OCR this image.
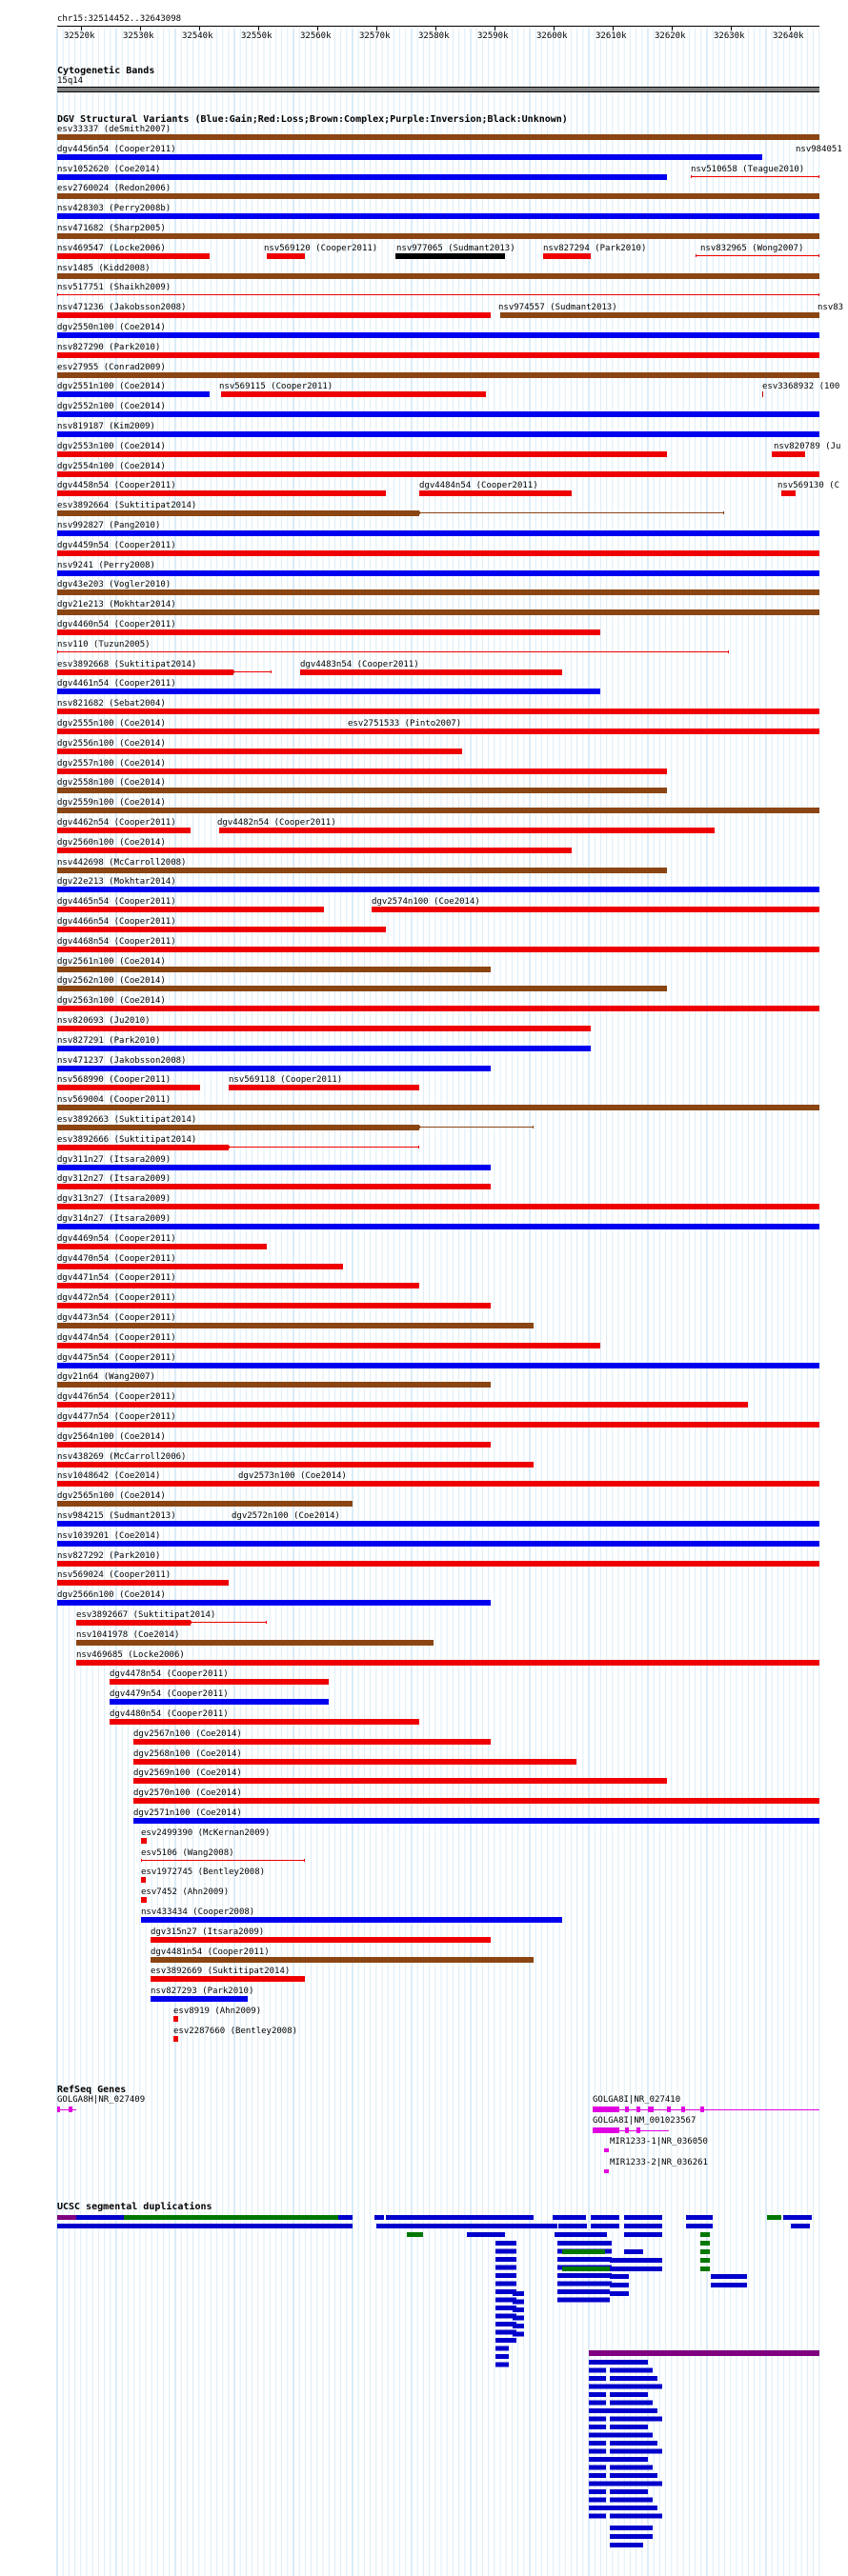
chr15:32514452..32643098
32520k	32530k	32540k	32550k	32560k	32570k	32580k	32590k	32600k	32610k	32620k	32630k	32640k
Cytogenetic Bands
15q14
DGV Structural Variants (Blue:Gain;Red:Loss;Brown:Complex;Purple:Inversion;Black:Unknown)
esv33337 (deSmith2007)
dgv4456n54 (Cooper2011)	nsv984051
nsv1052620 (Coe2014)	nsv510658 (Teague2010)
esv2760024 (Redon2006)
nsv428303 (Perry2008b)
nsv471682 (Sharp2005)
nsv469547 (Locke2006)	nsv569120 (Cooper2011) nsv977065 (Sudmant2013)	nsv827294 (Park2010)	nsv832965 (Wong2007)
nsv1485 (Kidd2008)
nsv517751 (Shaikh2009)
nsv471236 (Jakobsson2008)	nsv974557 (Sudmant2013)	nsv83
dgv2550n100 (Coe2014)
nsv827290 (Park2010)
esv27955 (Conrad2009)
dgv2551n100 (Coe2014)	nsv569115 (Cooper2011)	esv3368932 (100
dgv2552n100 (Coe2014)
nsv819187 (Kim2009)
dgv2553n100 (Coe2014)	nsv820789 (Ju
dgv2554n100 (Coe2014)
dgv4458n54 (Cooper2011)	dgv4484n54 (Cooper2011)	nsv569130 (C
esv3892664 (Suktitipat2014)
nsv992827 (Pang2010)
dgv4459n54 (Cooper2011)
nsv9241 (Perry2008)
dgv43e203 (Vogler2010)
dgv21e213 (Mokhtar2014)
dgv4460n54 (Cooper2011)
nsv110 (Tuzun2005)
esv3892668 (Suktitipat2014)	dgv4483n54 (Cooper2011)
dgv4461n54 (Cooper2011)
nsv821682 (Sebat2004)
dgv2555n100 (Coe2014)	esv2751533 (Pinto2007)
dgv2556n100 (Coe2014)
dgv2557n100 (Coe2014)
dgv2558n100 (Coe2014)
dgv2559n100 (Coe2014)
dgv4462n54 (Cooper2011)	dgv4482n54 (Cooper2011)
dgv2560n100 (Coe2014)
nsv442698 (McCarroll2008)
dgv22e213 (Mokhtar2014)
dgv4465n54 (Cooper2011)	dgv2574n100 (Coe2014)
dgv4466n54 (Cooper2011)
dgv4468n54 (Cooper2011)
dgv2561n100 (Coe2014)
dgv2562n100 (Coe2014)
dgv2563n100 (Coe2014)
nsv820693 (Ju2010)
nsv827291 (Park2010)
nsv471237 (Jakobsson2008)
nsv568990 (Cooper2011)	nsv569118 (Cooper2011)
nsv569004 (Cooper2011)
esv3892663 (Suktitipat2014)
esv3892666 (Suktitipat2014)
dgv311n27 (Itsara2009)
dgv312n27 (Itsara2009)
dgv313n27 (Itsara2009)
dgv314n27 (Itsara2009)
dgv4469n54 (Cooper2011)
dgv4470n54 (Cooper2011)
dgv4471n54 (Cooper2011)
dgv4472n54 (Cooper2011)
dgv4473n54 (Cooper2011)
dgv4474n54 (Cooper2011)
dgv4475n54 (Cooper2011)
dgv21n64 (Wang2007)
dgv4476n54 (Cooper2011)
dgv4477n54 (Cooper2011)
dgv2564n100 (Coe2014)
nsv438269 (McCarroll2006)
nsv1048642 (Coe2014)	dgv2573n100 (Coe2014)
dgv2565n100 (Coe2014)
nsv984215 (Sudmant2013)	dgv2572n100 (Coe2014)
nsv1039201 (Coe2014)
nsv827292 (Park2010)
nsv569024 (Cooper2011)
dgv2566n100 (Coe2014)
esv3892667 (Suktitipat2014)
nsv1041978 (Coe2014)
nsv469685 (Locke2006)
dgv4478n54 (Cooper2011)
dgv4479n54 (Cooper2011)
dgv4480n54 (Cooper2011)
dgv2567n100 (Coe2014)
dgv2568n100 (Coe2014)
dgv2569n100 (Coe2014)
dgv2570n100 (Coe2014)
dgv2571n100 (Coe2014)
esv2499390 (McKernan2009)
esv5106 (Wang2008)
esv1972745 (Bentley2008)
esv7452 (Ahn2009)
nsv433434 (Cooper2008)
dgv315n27 (Itsara2009)
dgv4481n54 (Cooper2011)
esv3892669 (Suktitipat2014)
nsv827293 (Park2010)
esv8919 (Ahn2009)
esv2287660 (Bentley2008)
RefSeq Genes
GOLGA8H|NR_027409	GOLGA8I|NR_027410
GOLGA8I|NM_001023567
MIR1233-1|NR_036050
MIR1233-2|NR_036261
UCSC segmental duplications
